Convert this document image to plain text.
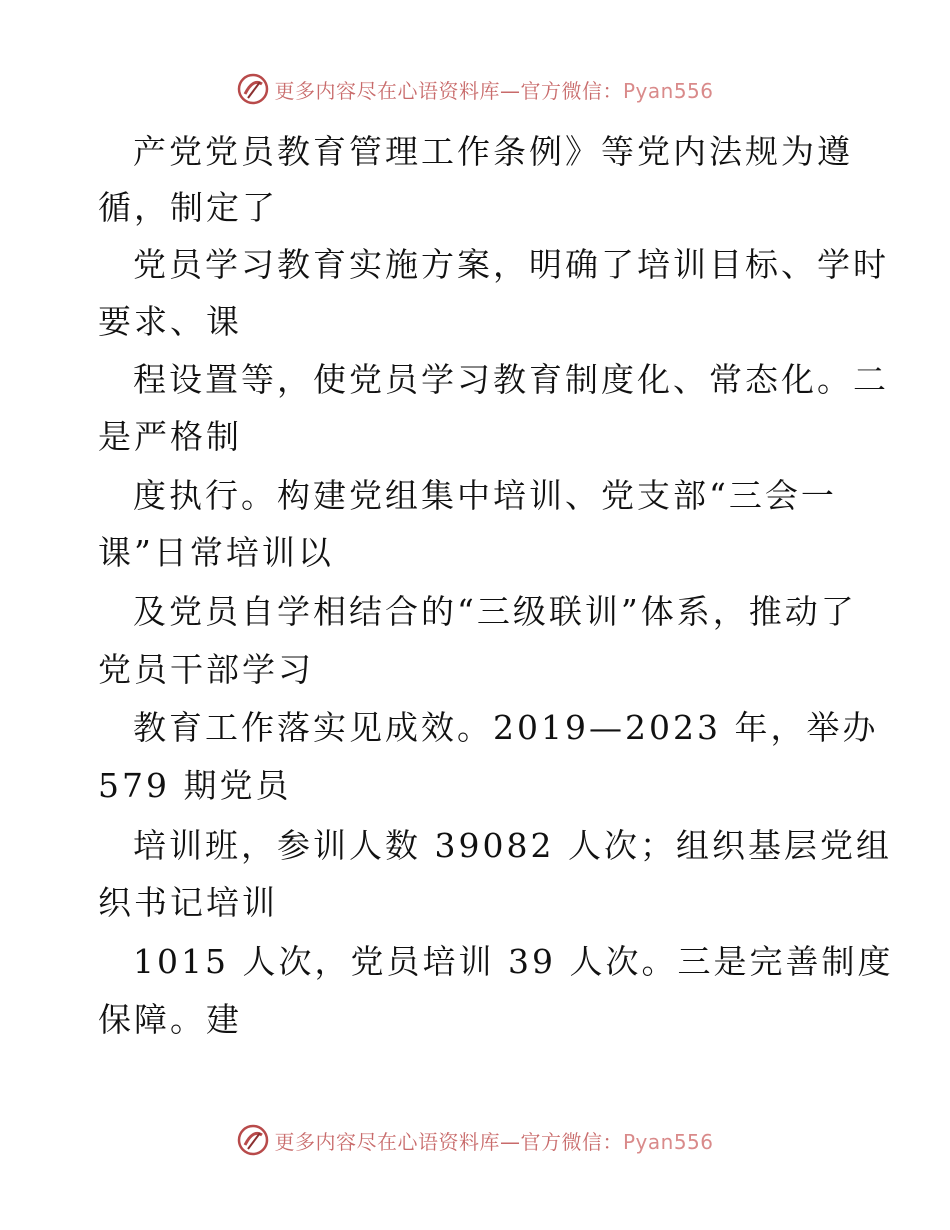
更多内容尽在心语资料库—官方微信：Pyan556
产党党员教育管理工作条例》等党内法规为遵
循，制定了
党员学习教育实施方案，明确了培训目标、学时
要求、课
程设置等，使党员学习教育制度化、常态化。二
是严格制
度执行。构建党组集中培训、党支部“三会一
课”日常培训以
及党员自学相结合的“三级联训”体系，推动了
党员干部学习
教育工作落实见成效。2019—2023 年，举办
579 期党员
培训班，参训人数 39082 人次；组织基层党组
织书记培训
1015 人次，党员培训 39 人次。三是完善制度
保障。建
更多内容尽在心语资料库—官方微信：Pyan556
